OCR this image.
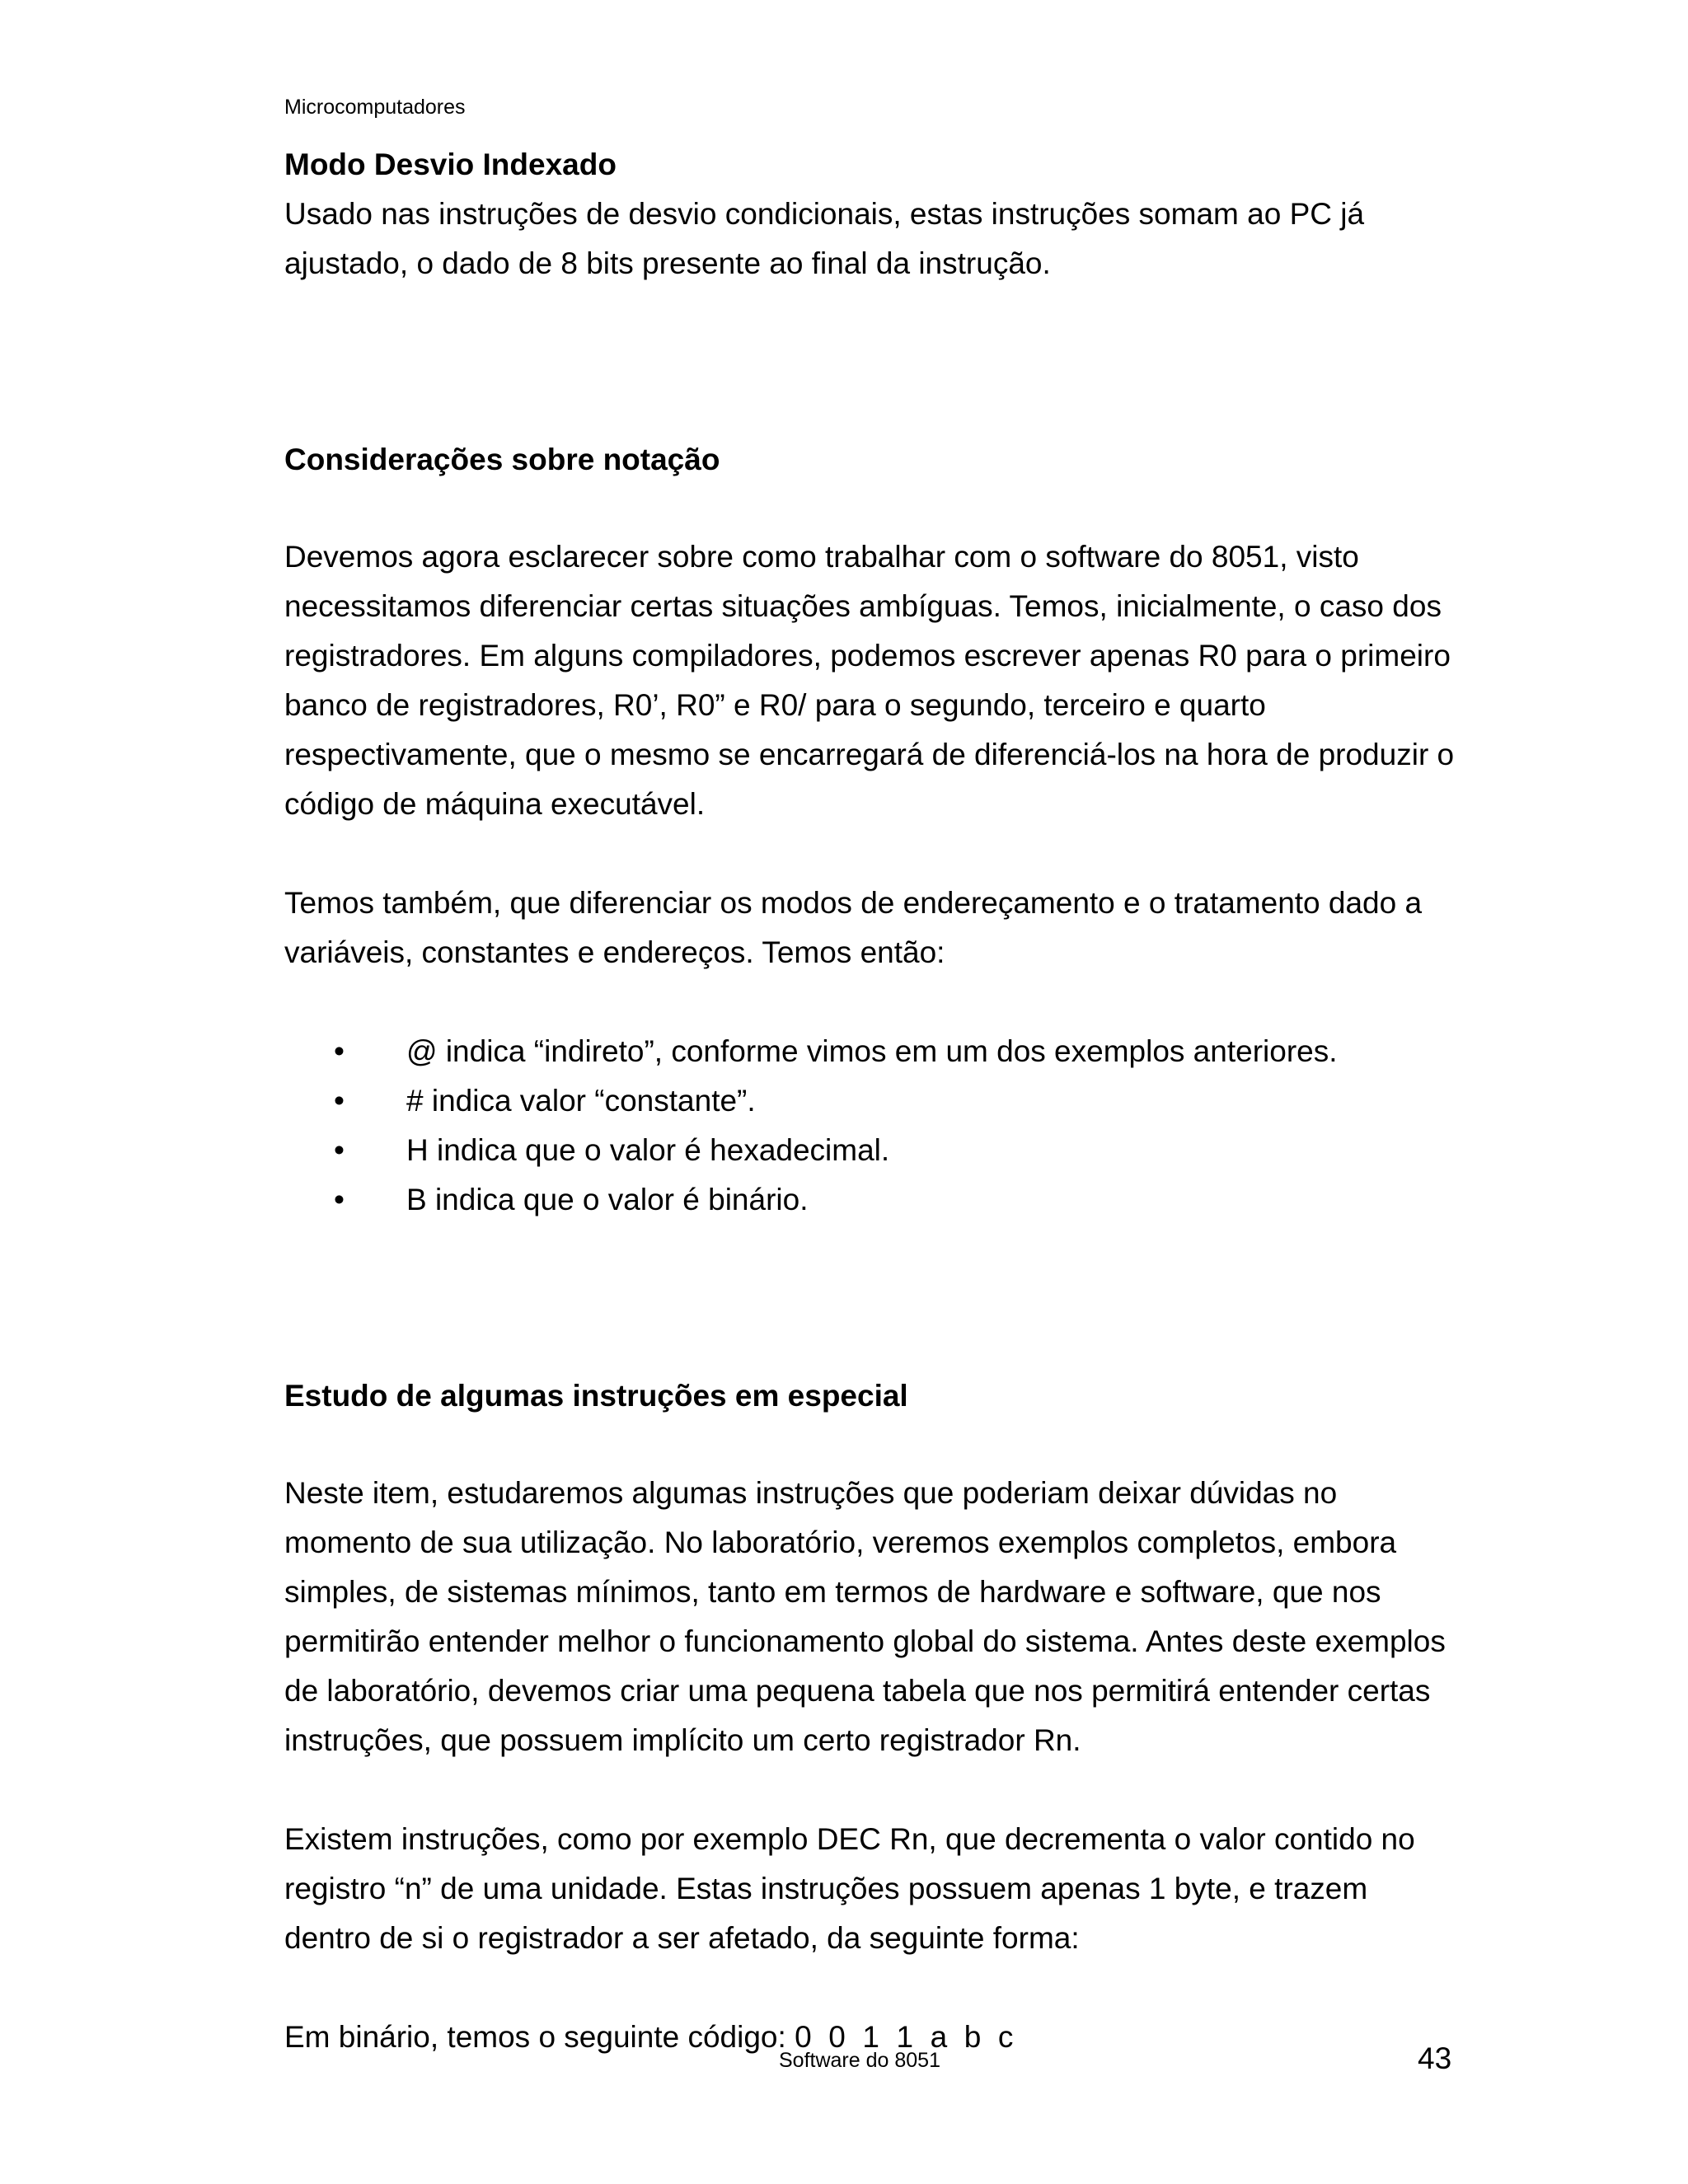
Microcomputadores
Modo Desvio Indexado

Usado nas instruções de desvio condicionais, estas instruções somam ao PC já ajustado, o dado de 8 bits presente ao final da instrução.

Considerações sobre notação

Devemos agora esclarecer sobre como trabalhar com o software do 8051, visto necessitamos diferenciar certas situações ambíguas. Temos, inicialmente, o caso dos registradores. Em alguns compiladores, podemos escrever apenas R0 para o primeiro banco de registradores, R0’, R0” e R0/ para o segundo, terceiro e quarto respectivamente, que o mesmo se encarregará de diferenciá-los na hora de produzir o código de máquina executável.

Temos também, que diferenciar os modos de endereçamento e o tratamento dado a variáveis, constantes e endereços. Temos então:

• @ indica “indireto”, conforme vimos em um dos exemplos anteriores.
• # indica valor “constante”.
• H indica que o valor é hexadecimal.
• B indica que o valor é binário.
Estudo de algumas instruções em especial

Neste item, estudaremos algumas instruções que poderiam deixar dúvidas no momento de sua utilização. No laboratório, veremos exemplos completos, embora simples, de sistemas mínimos, tanto em termos de hardware e software, que nos permitirão entender melhor o funcionamento global do sistema. Antes deste exemplos de laboratório, devemos criar uma pequena tabela que nos permitirá entender certas instruções, que possuem implícito um certo registrador Rn.

Existem instruções, como por exemplo DEC Rn, que decrementa o valor contido no registro “n” de uma unidade. Estas instruções possuem apenas 1 byte, e trazem dentro de si o registrador a ser afetado, da seguinte forma:

Em binário, temos o seguinte código: 0  0  1  1  a  b  c

Software do 8051	43
